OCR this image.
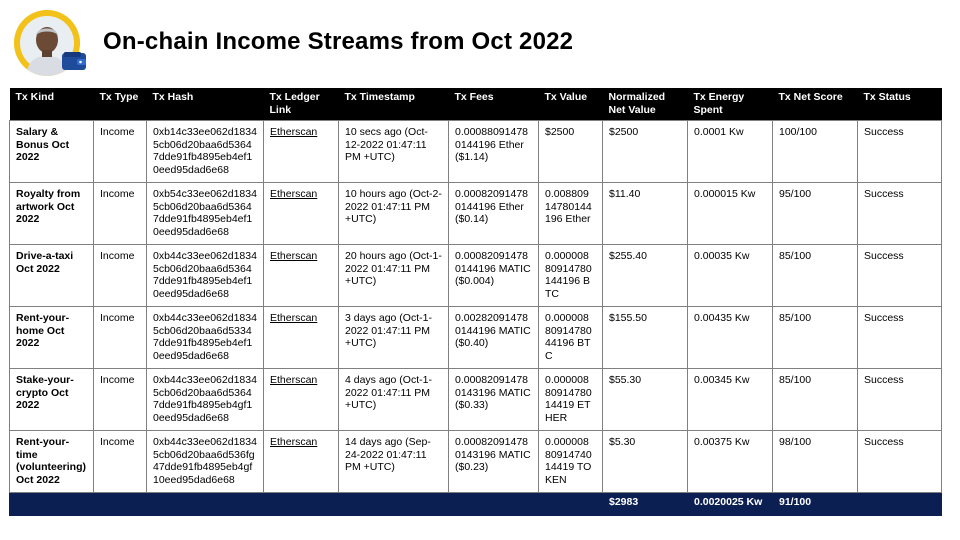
On-chain Income Streams from Oct 2022
Tx Kind	Tx Type	Tx Hash	Tx Ledger Link	Tx Timestamp	Tx Fees	Tx Value	Normalized Net Value	Tx Energy Spent	Tx Net Score	Tx Status
Salary & Bonus Oct 2022	Income	0xb14c33ee062d18345cb06d20baa6d53647dde91fb4895eb4ef10eed95dad6e68	Etherscan	10 secs ago (Oct-12-2022 01:47:11 PM +UTC)	0.00088091478 0144196 Ether ($1.14)	$2500	$2500	0.0001 Kw	100/100	Success
Royalty from artwork Oct 2022	Income	0xb54c33ee062d18345cb06d20baa6d53647dde91fb4895eb4ef10eed95dad6e68	Etherscan	10 hours ago (Oct-2-2022 01:47:11 PM +UTC)	0.00082091478 0144196 Ether ($0.14)	0.008809 14780144 196 Ether	$11.40	0.000015 Kw	95/100	Success
Drive-a-taxi Oct 2022	Income	0xb44c33ee062d18345cb06d20baa6d53647dde91fb4895eb4ef10eed95dad6e68	Etherscan	20 hours ago (Oct-1-2022 01:47:11 PM +UTC)	0.00082091478 0144196 MATIC ($0.004)	0.000008 80914780 144196 BTC	$255.40	0.00035 Kw	85/100	Success
Rent-your-home Oct 2022	Income	0xb44c33ee062d18345cb06d20baa6d53347dde91fb4895eb4ef10eed95dad6e68	Etherscan	3 days ago (Oct-1-2022 01:47:11 PM +UTC)	0.00282091478 0144196 MATIC ($0.40)	0.000008 80914780 44196 BTC	$155.50	0.00435 Kw	85/100	Success
Stake-your-crypto Oct 2022	Income	0xb44c33ee062d18345cb06d20baa6d53647dde91fb4895eb4gf10eed95dad6e68	Etherscan	4 days ago (Oct-1-2022 01:47:11 PM +UTC)	0.00082091478 0143196 MATIC ($0.33)	0.000008 80914780 14419 ETHER	$55.30	0.00345 Kw	85/100	Success
Rent-your-time (volunteering) Oct 2022	Income	0xb44c33ee062d18345cb06d20baa6d536fg47dde91fb4895eb4gf10eed95dad6e68	Etherscan	14 days ago (Sep-24-2022 01:47:11 PM +UTC)	0.00082091478 0143196 MATIC ($0.23)	0.000008 80914740 14419 TOKEN	$5.30	0.00375 Kw	98/100	Success
							$2983	0.0020025 Kw	91/100	
